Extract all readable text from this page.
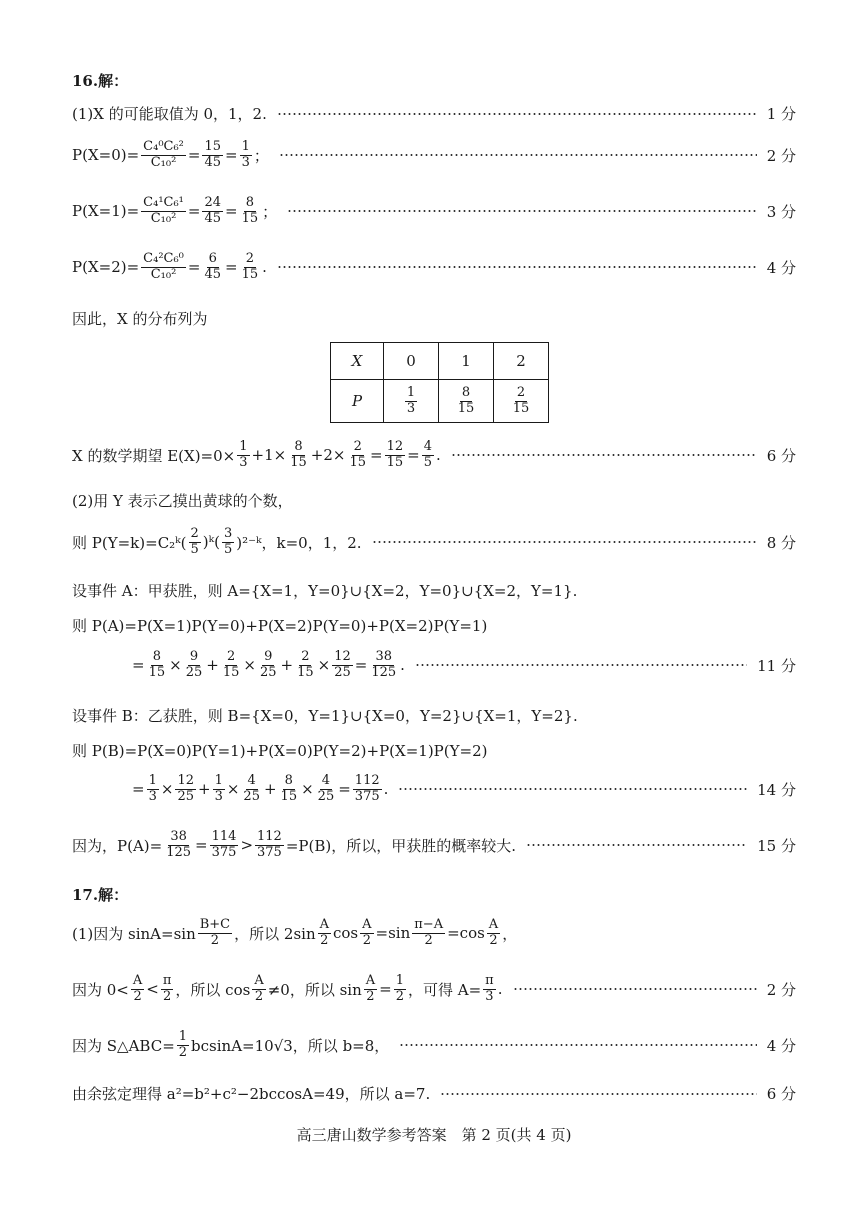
16.解：
(1)X 的可能取值为 0，1，2.	1 分
$P(X=0)= \frac{\text{C₄⁰C₆²}}{\text{C₁₀²}} = \frac{15}{45} = \frac{1}{3}$ ；	2 分
$P(X=1)= \frac{\text{C₄¹C₆¹}}{\text{C₁₀²}} = \frac{24}{45} = \frac{8}{15}$ ；	3 分
$P(X=2)= \frac{\text{C₄²C₆⁰}}{\text{C₁₀²}} = \frac{6}{45} = \frac{2}{15}$ .	4 分
因此，X 的分布列为
X	0	1	2
P	$\frac{1}{3}$	$\frac{8}{15}$	$\frac{2}{15}$
X 的数学期望 $E(X)=0\times \frac{1}{3} +1\times \frac{8}{15} +2\times \frac{2}{15} = \frac{12}{15} = \frac{4}{5}$ .	6 分
(2)用 Y 表示乙摸出黄球的个数，
则 P(Y=k)=C₂ᵏ( $\frac{2}{5}$ )ᵏ( $\frac{3}{5}$ )²⁻ᵏ，k=0，1，2.	8 分
设事件 A：甲获胜，则 A={X=1，Y=0}∪{X=2，Y=0}∪{X=2，Y=1}.
则 P(A)=P(X=1)P(Y=0)+P(X=2)P(Y=0)+P(X=2)P(Y=1)
= $\frac{8}{15} \times \frac{9}{25} + \frac{2}{15} \times \frac{9}{25} + \frac{2}{15} \times \frac{12}{25} = \frac{38}{125}$ .	11 分
设事件 B：乙获胜，则 B={X=0，Y=1}∪{X=0，Y=2}∪{X=1，Y=2}.
则 P(B)=P(X=0)P(Y=1)+P(X=0)P(Y=2)+P(X=1)P(Y=2)
= $\frac{1}{3} \times \frac{12}{25} + \frac{1}{3} \times \frac{4}{25} + \frac{8}{15} \times \frac{4}{25} = \frac{112}{375}$ .	14 分
因为，$P(A)= \frac{38}{125} = \frac{114}{375} > \frac{112}{375} =P(B)$，所以，甲获胜的概率较大.	15 分
17.解：
(1)因为 $\sin A=\sin \frac{B+C}{2}$ ，所以 $2\sin \frac{A}{2}$ $\cos \frac{A}{2} =\sin \frac{\pi-A}{2} =\cos \frac{A}{2}$ ，
因为 $0< \frac{A}{2} < \frac{\pi}{2}$ ，所以 $\cos \frac{A}{2} \ne 0$，所以 $\sin \frac{A}{2} = \frac{1}{2}$ ，可得 $A= \frac{\pi}{3}$ .	2 分
因为 S△ABC= $\frac{1}{2} bcsinA=10√3$，所以 b=8，	4 分
由余弦定理得 a²=b²+c²−2bccosA=49，所以 a=7.	6 分
高三唐山数学参考答案　第 2 页(共 4 页)
